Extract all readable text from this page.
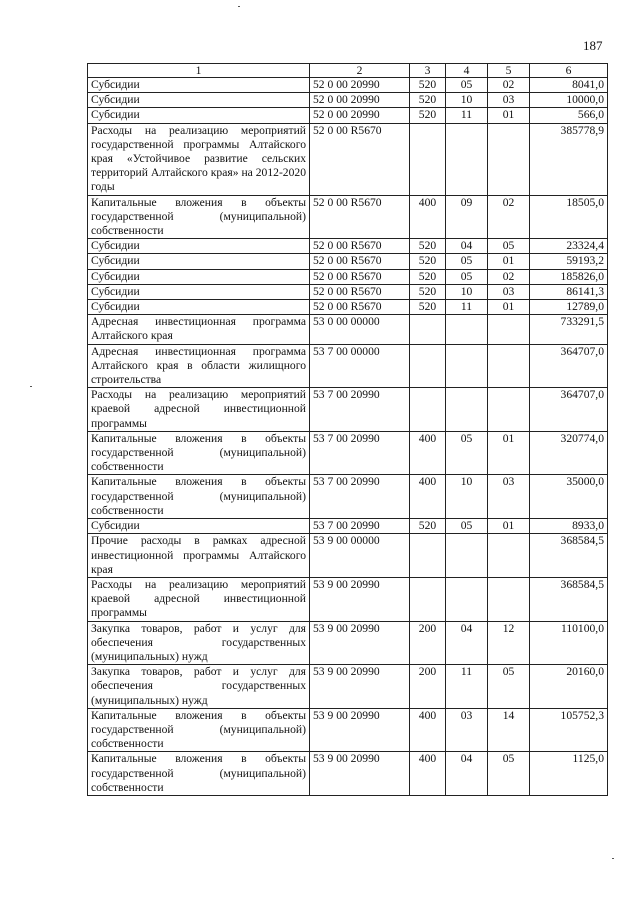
187
1	2	3	4	5	6
Субсидии	52 0 00 20990	520	05	02	8041,0
Субсидии	52 0 00 20990	520	10	03	10000,0
Субсидии	52 0 00 20990	520	11	01	566,0
Расходы на реализацию мероприятий государственной программы Алтайского края «Устойчивое развитие сельских территорий Алтайского края» на 2012-2020 годы	52 0 00 R5670				385778,9
Капитальные вложения в объекты государственной (муниципальной) собственности	52 0 00 R5670	400	09	02	18505,0
Субсидии	52 0 00 R5670	520	04	05	23324,4
Субсидии	52 0 00 R5670	520	05	01	59193,2
Субсидии	52 0 00 R5670	520	05	02	185826,0
Субсидии	52 0 00 R5670	520	10	03	86141,3
Субсидии	52 0 00 R5670	520	11	01	12789,0
Адресная инвестиционная программа Алтайского края	53 0 00 00000				733291,5
Адресная инвестиционная программа Алтайского края в области жилищного строительства	53 7 00 00000				364707,0
Расходы на реализацию мероприятий краевой адресной инвестиционной программы	53 7 00 20990				364707,0
Капитальные вложения в объекты государственной (муниципальной) собственности	53 7 00 20990	400	05	01	320774,0
Капитальные вложения в объекты государственной (муниципальной) собственности	53 7 00 20990	400	10	03	35000,0
Субсидии	53 7 00 20990	520	05	01	8933,0
Прочие расходы в рамках адресной инвестиционной программы Алтайского края	53 9 00 00000				368584,5
Расходы на реализацию мероприятий краевой адресной инвестиционной программы	53 9 00 20990				368584,5
Закупка товаров, работ и услуг для обеспечения государственных (муниципальных) нужд	53 9 00 20990	200	04	12	110100,0
Закупка товаров, работ и услуг для обеспечения государственных (муниципальных) нужд	53 9 00 20990	200	11	05	20160,0
Капитальные вложения в объекты государственной (муниципальной) собственности	53 9 00 20990	400	03	14	105752,3
Капитальные вложения в объекты государственной (муниципальной) собственности	53 9 00 20990	400	04	05	1125,0
